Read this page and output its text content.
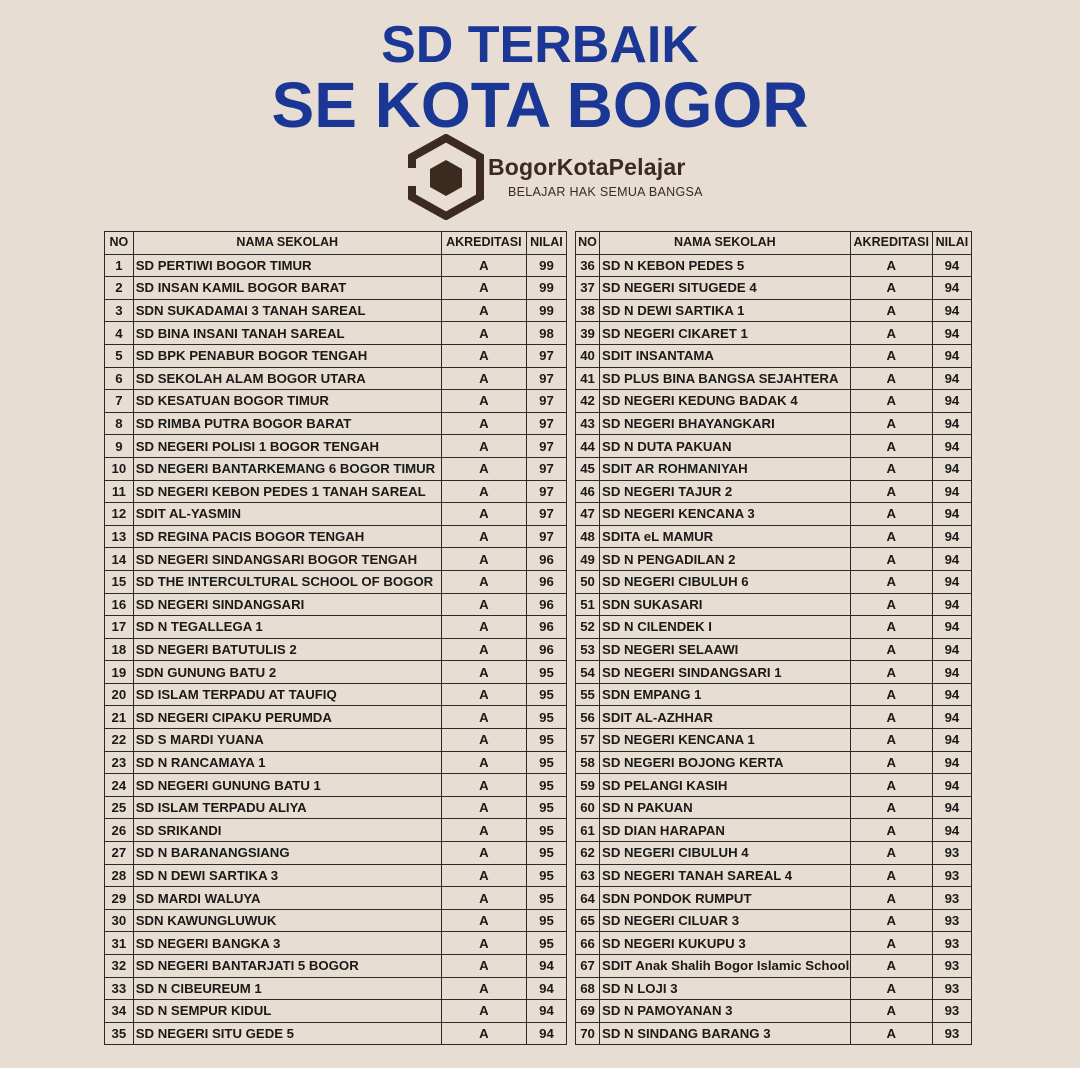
SD TERBAIK
SE KOTA BOGOR
BogorKotaPelajar
BELAJAR HAK SEMUA BANGSA
NO	NAMA SEKOLAH	AKREDITASI	NILAI
1	SD PERTIWI BOGOR TIMUR	A	99
2	SD INSAN KAMIL BOGOR BARAT	A	99
3	SDN SUKADAMAI 3 TANAH SAREAL	A	99
4	SD BINA INSANI TANAH SAREAL	A	98
5	SD BPK PENABUR BOGOR TENGAH	A	97
6	SD SEKOLAH ALAM BOGOR UTARA	A	97
7	SD KESATUAN BOGOR TIMUR	A	97
8	SD RIMBA PUTRA BOGOR BARAT	A	97
9	SD NEGERI POLISI 1 BOGOR TENGAH	A	97
10	SD NEGERI BANTARKEMANG 6 BOGOR TIMUR	A	97
11	SD NEGERI KEBON PEDES 1 TANAH SAREAL	A	97
12	SDIT AL-YASMIN	A	97
13	SD REGINA PACIS BOGOR TENGAH	A	97
14	SD NEGERI SINDANGSARI BOGOR TENGAH	A	96
15	SD THE INTERCULTURAL SCHOOL OF BOGOR	A	96
16	SD NEGERI SINDANGSARI	A	96
17	SD N TEGALLEGA 1	A	96
18	SD NEGERI BATUTULIS 2	A	96
19	SDN GUNUNG BATU 2	A	95
20	SD ISLAM TERPADU AT TAUFIQ	A	95
21	SD NEGERI CIPAKU PERUMDA	A	95
22	SD S MARDI YUANA	A	95
23	SD N RANCAMAYA 1	A	95
24	SD NEGERI GUNUNG BATU 1	A	95
25	SD ISLAM TERPADU ALIYA	A	95
26	SD SRIKANDI	A	95
27	SD N BARANANGSIANG	A	95
28	SD N DEWI SARTIKA 3	A	95
29	SD MARDI WALUYA	A	95
30	SDN KAWUNGLUWUK	A	95
31	SD NEGERI BANGKA 3	A	95
32	SD NEGERI BANTARJATI 5 BOGOR	A	94
33	SD N CIBEUREUM 1	A	94
34	SD N SEMPUR KIDUL	A	94
35	SD NEGERI SITU GEDE 5	A	94
NO	NAMA SEKOLAH	AKREDITASI	NILAI
36	SD N KEBON PEDES 5	A	94
37	SD NEGERI SITUGEDE 4	A	94
38	SD N DEWI SARTIKA 1	A	94
39	SD NEGERI CIKARET 1	A	94
40	SDIT INSANTAMA	A	94
41	SD PLUS BINA BANGSA SEJAHTERA	A	94
42	SD NEGERI KEDUNG BADAK 4	A	94
43	SD NEGERI BHAYANGKARI	A	94
44	SD N DUTA PAKUAN	A	94
45	SDIT AR ROHMANIYAH	A	94
46	SD NEGERI TAJUR 2	A	94
47	SD NEGERI KENCANA 3	A	94
48	SDITA eL MAMUR	A	94
49	SD N PENGADILAN 2	A	94
50	SD NEGERI CIBULUH 6	A	94
51	SDN SUKASARI	A	94
52	SD N CILENDEK I	A	94
53	SD NEGERI SELAAWI	A	94
54	SD NEGERI SINDANGSARI 1	A	94
55	SDN EMPANG 1	A	94
56	SDIT AL-AZHHAR	A	94
57	SD NEGERI KENCANA 1	A	94
58	SD NEGERI BOJONG KERTA	A	94
59	SD PELANGI KASIH	A	94
60	SD N PAKUAN	A	94
61	SD DIAN HARAPAN	A	94
62	SD NEGERI CIBULUH 4	A	93
63	SD NEGERI TANAH SAREAL 4	A	93
64	SDN PONDOK RUMPUT	A	93
65	SD NEGERI CILUAR 3	A	93
66	SD NEGERI KUKUPU 3	A	93
67	SDIT Anak Shalih Bogor Islamic School	A	93
68	SD N LOJI 3	A	93
69	SD N PAMOYANAN 3	A	93
70	SD N SINDANG BARANG 3	A	93
